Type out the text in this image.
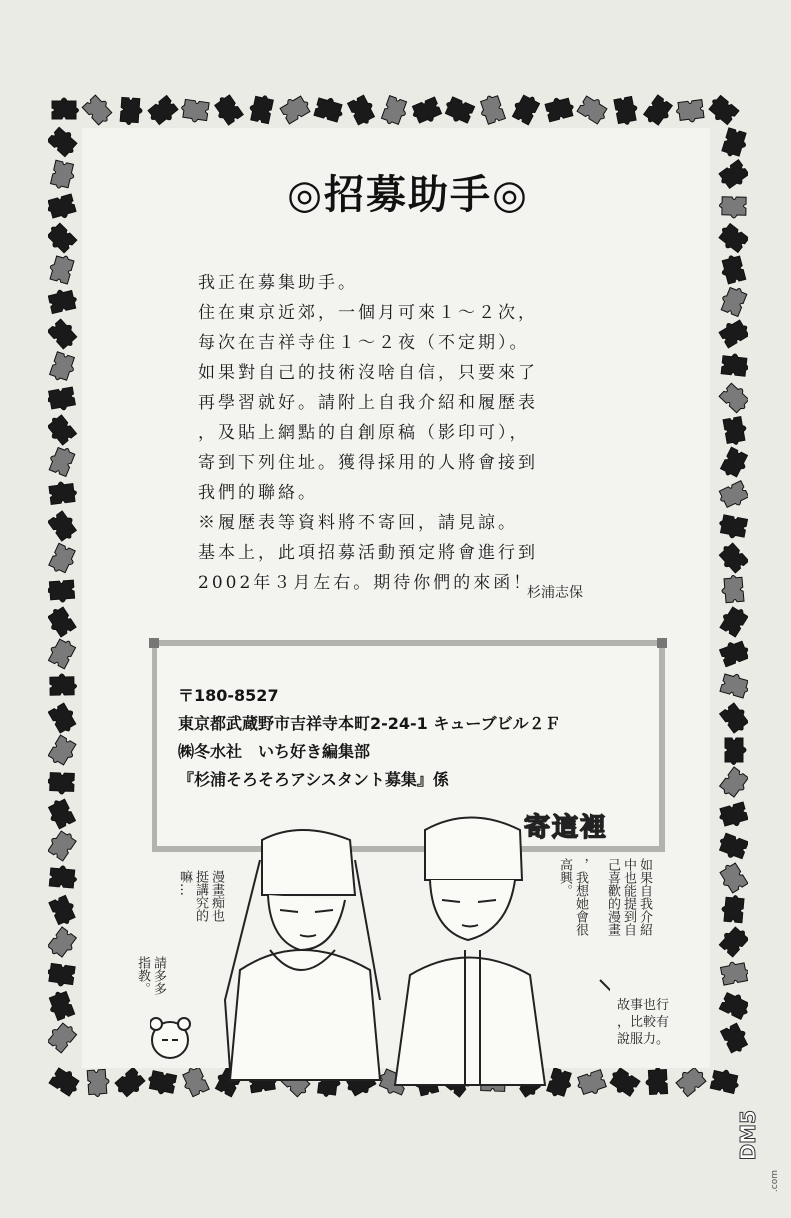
◎招募助手◎
我正在募集助手。
住在東京近郊，一個月可來１～２次，
每次在吉祥寺住１～２夜（不定期）。
如果對自己的技術沒啥自信，只要來了
再學習就好。請附上自我介紹和履歷表
，及貼上網點的自創原稿（影印可），
寄到下列住址。獲得採用的人將會接到
我們的聯絡。
※履歷表等資料將不寄回，請見諒。
基本上，此項招募活動預定將會進行到
2002年３月左右。期待你們的來函！
杉浦志保
〒180-8527
東京都武蔵野市吉祥寺本町2-24-1 キューブビル２Ｆ
㈱冬水社　いち好き編集部
『杉浦そろそろアシスタント募集』係
寄這裡
漫畫痴也
挺講究的
嘛…
請多多
指教。
如果自我介紹
中也能提到自
己喜歡的漫畫
，我想她會很
高興。
故事也行
，比較有
說服力。
DM5
.com
